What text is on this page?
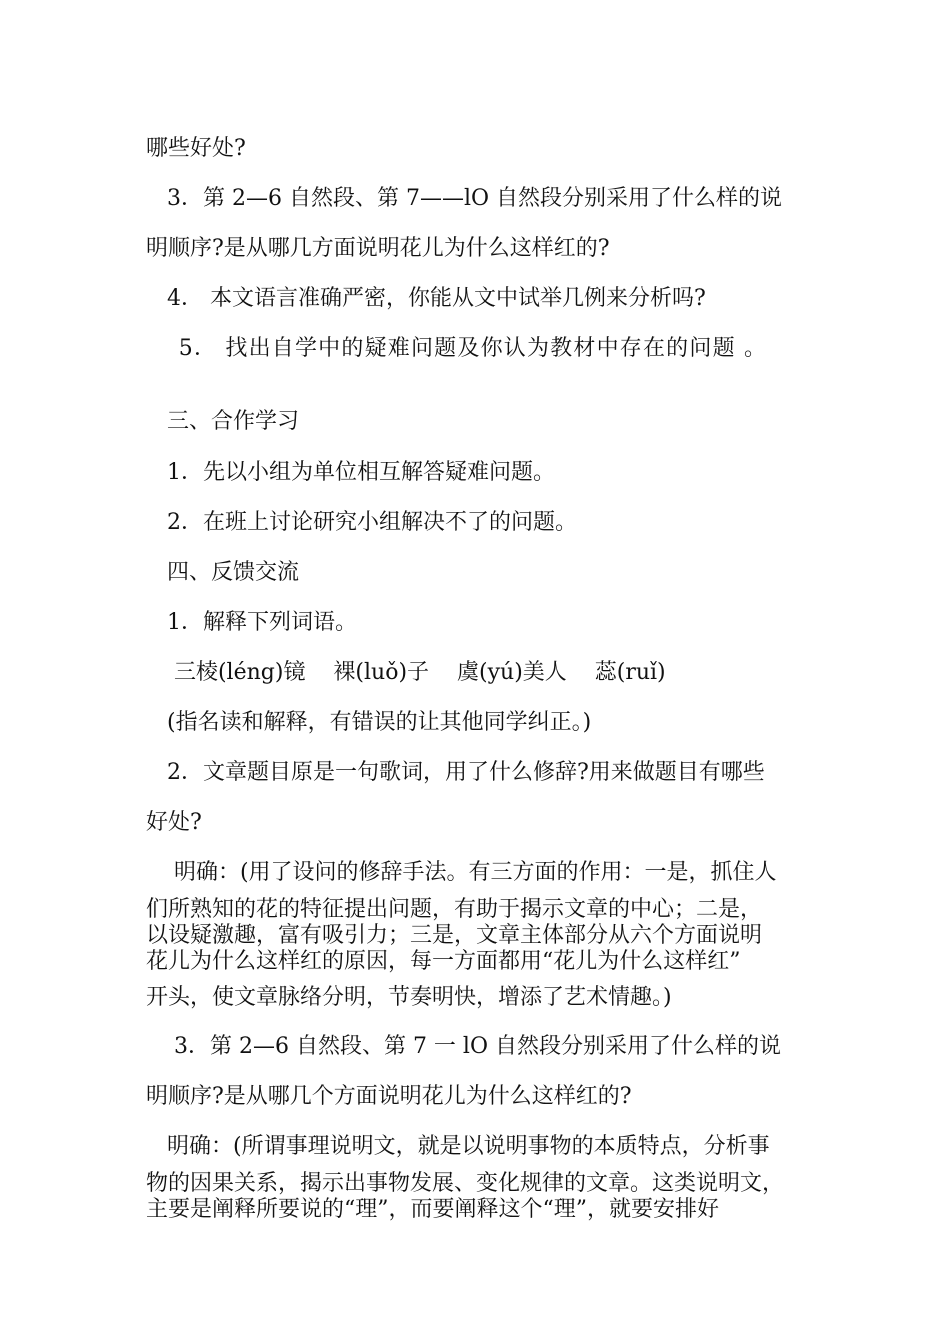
哪些好处?

3．第 2—6 自然段、第 7——lO 自然段分别采用了什么样的说

明顺序?是从哪几方面说明花儿为什么这样红的?

4． 本文语言准确严密，你能从文中试举几例来分析吗?

5． 找出自学中的疑难问题及你认为教材中存在的问题 。

三、合作学习

1．先以小组为单位相互解答疑难问题。

2．在班上讨论研究小组解决不了的问题。

四、反馈交流

1．解释下列词语。

三棱(léng)镜    裸(luǒ)子    虞(yú)美人    蕊(ruǐ)

(指名读和解释，有错误的让其他同学纠正。)

2．文章题目原是一句歌词，用了什么修辞?用来做题目有哪些

好处?

明确：(用了设问的修辞手法。有三方面的作用：一是，抓住人

们所熟知的花的特征提出问题，有助于揭示文章的中心；二是，

以设疑激趣，富有吸引力；三是，文章主体部分从六个方面说明

花儿为什么这样红的原因，每一方面都用“花儿为什么这样红”

开头，使文章脉络分明，节奏明快，增添了艺术情趣。)

3．第 2—6 自然段、第 7 一 lO 自然段分别采用了什么样的说

明顺序?是从哪几个方面说明花儿为什么这样红的?

明确：(所谓事理说明文，就是以说明事物的本质特点，分析事

物的因果关系，揭示出事物发展、变化规律的文章。这类说明文，

主要是阐释所要说的“理”，而要阐释这个“理”，就要安排好
